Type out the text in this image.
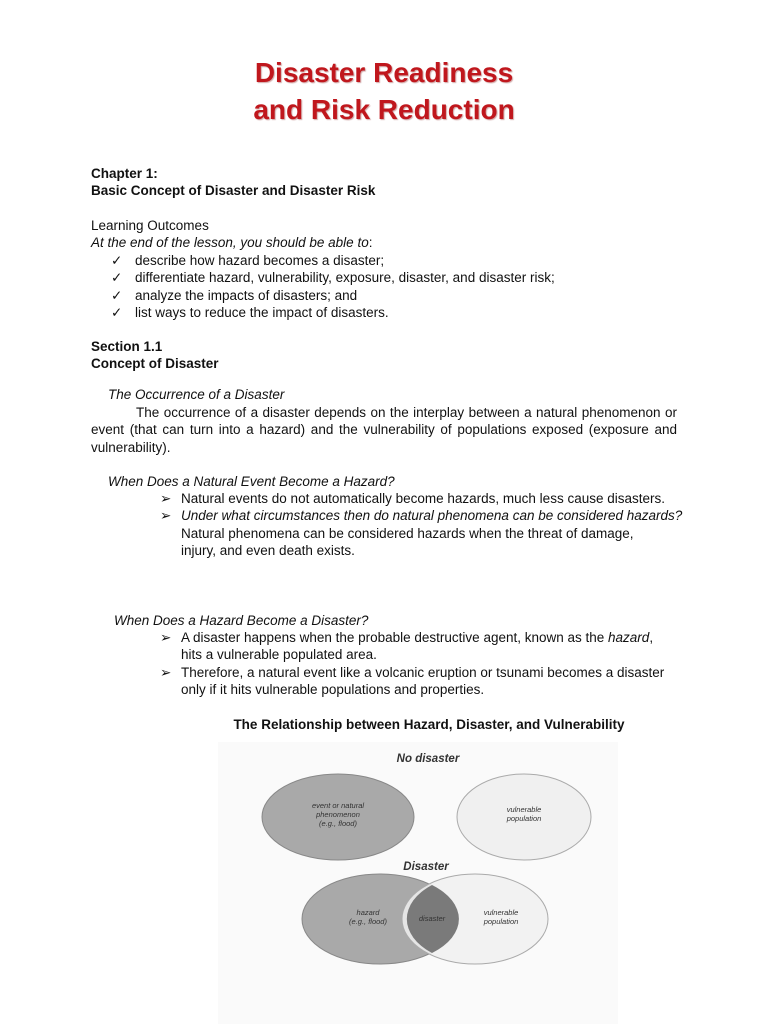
Disaster Readiness
and Risk Reduction
Chapter 1:
Basic Concept of Disaster and Disaster Risk
Learning Outcomes
At the end of the lesson, you should be able to:
✓ describe how hazard becomes a disaster;
✓ differentiate hazard, vulnerability, exposure, disaster, and disaster risk;
✓ analyze the impacts of disasters; and
✓ list ways to reduce the impact of disasters.
Section 1.1
Concept of Disaster
The Occurrence of a Disaster
The occurrence of a disaster depends on the interplay between a natural phenomenon or event (that can turn into a hazard) and the vulnerability of populations exposed (exposure and vulnerability).
When Does a Natural Event Become a Hazard?
➢ Natural events do not automatically become hazards, much less cause disasters.
➢ Under what circumstances then do natural phenomena can be considered hazards?
Natural phenomena can be considered hazards when the threat of damage, injury, and even death exists.
When Does a Hazard Become a Disaster?
➢ A disaster happens when the probable destructive agent, known as the hazard, hits a vulnerable populated area.
➢ Therefore, a natural event like a volcanic eruption or tsunami becomes a disaster only if it hits vulnerable populations and properties.
The Relationship between Hazard, Disaster, and Vulnerability
No disaster
event or natural
phenomenon
(e.g., flood)
vulnerable
population
Disaster
hazard
(e.g., flood)	disaster
vulnerable
population
